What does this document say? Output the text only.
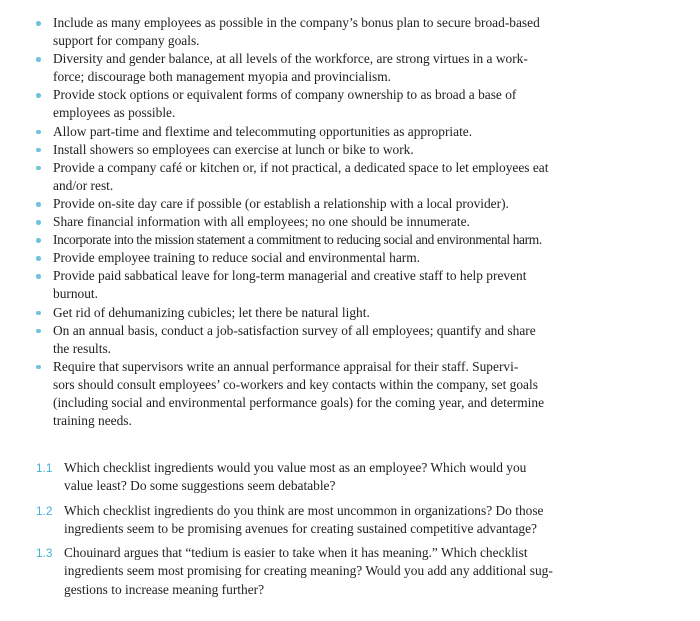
Include as many employees as possible in the company’s bonus plan to secure broad-based
support for company goals.
Diversity and gender balance, at all levels of the workforce, are strong virtues in a work-
force; discourage both management myopia and provincialism.
Provide stock options or equivalent forms of company ownership to as broad a base of
employees as possible.
Allow part-time and flextime and telecommuting opportunities as appropriate.
Install showers so employees can exercise at lunch or bike to work.
Provide a company café or kitchen or, if not practical, a dedicated space to let employees eat
and/or rest.
Provide on-site day care if possible (or establish a relationship with a local provider).
Share financial information with all employees; no one should be innumerate.
Incorporate into the mission statement a commitment to reducing social and environmental harm.
Provide employee training to reduce social and environmental harm.
Provide paid sabbatical leave for long-term managerial and creative staff to help prevent
burnout.
Get rid of dehumanizing cubicles; let there be natural light.
On an annual basis, conduct a job-satisfaction survey of all employees; quantify and share
the results.
Require that supervisors write an annual performance appraisal for their staff. Supervi-
sors should consult employees’ co-workers and key contacts within the company, set goals
(including social and environmental performance goals) for the coming year, and determine
training needs.
1.1 Which checklist ingredients would you value most as an employee? Which would you
value least? Do some suggestions seem debatable?
1.2 Which checklist ingredients do you think are most uncommon in organizations? Do those
ingredients seem to be promising avenues for creating sustained competitive advantage?
1.3 Chouinard argues that “tedium is easier to take when it has meaning.” Which checklist
ingredients seem most promising for creating meaning? Would you add any additional sug-
gestions to increase meaning further?
